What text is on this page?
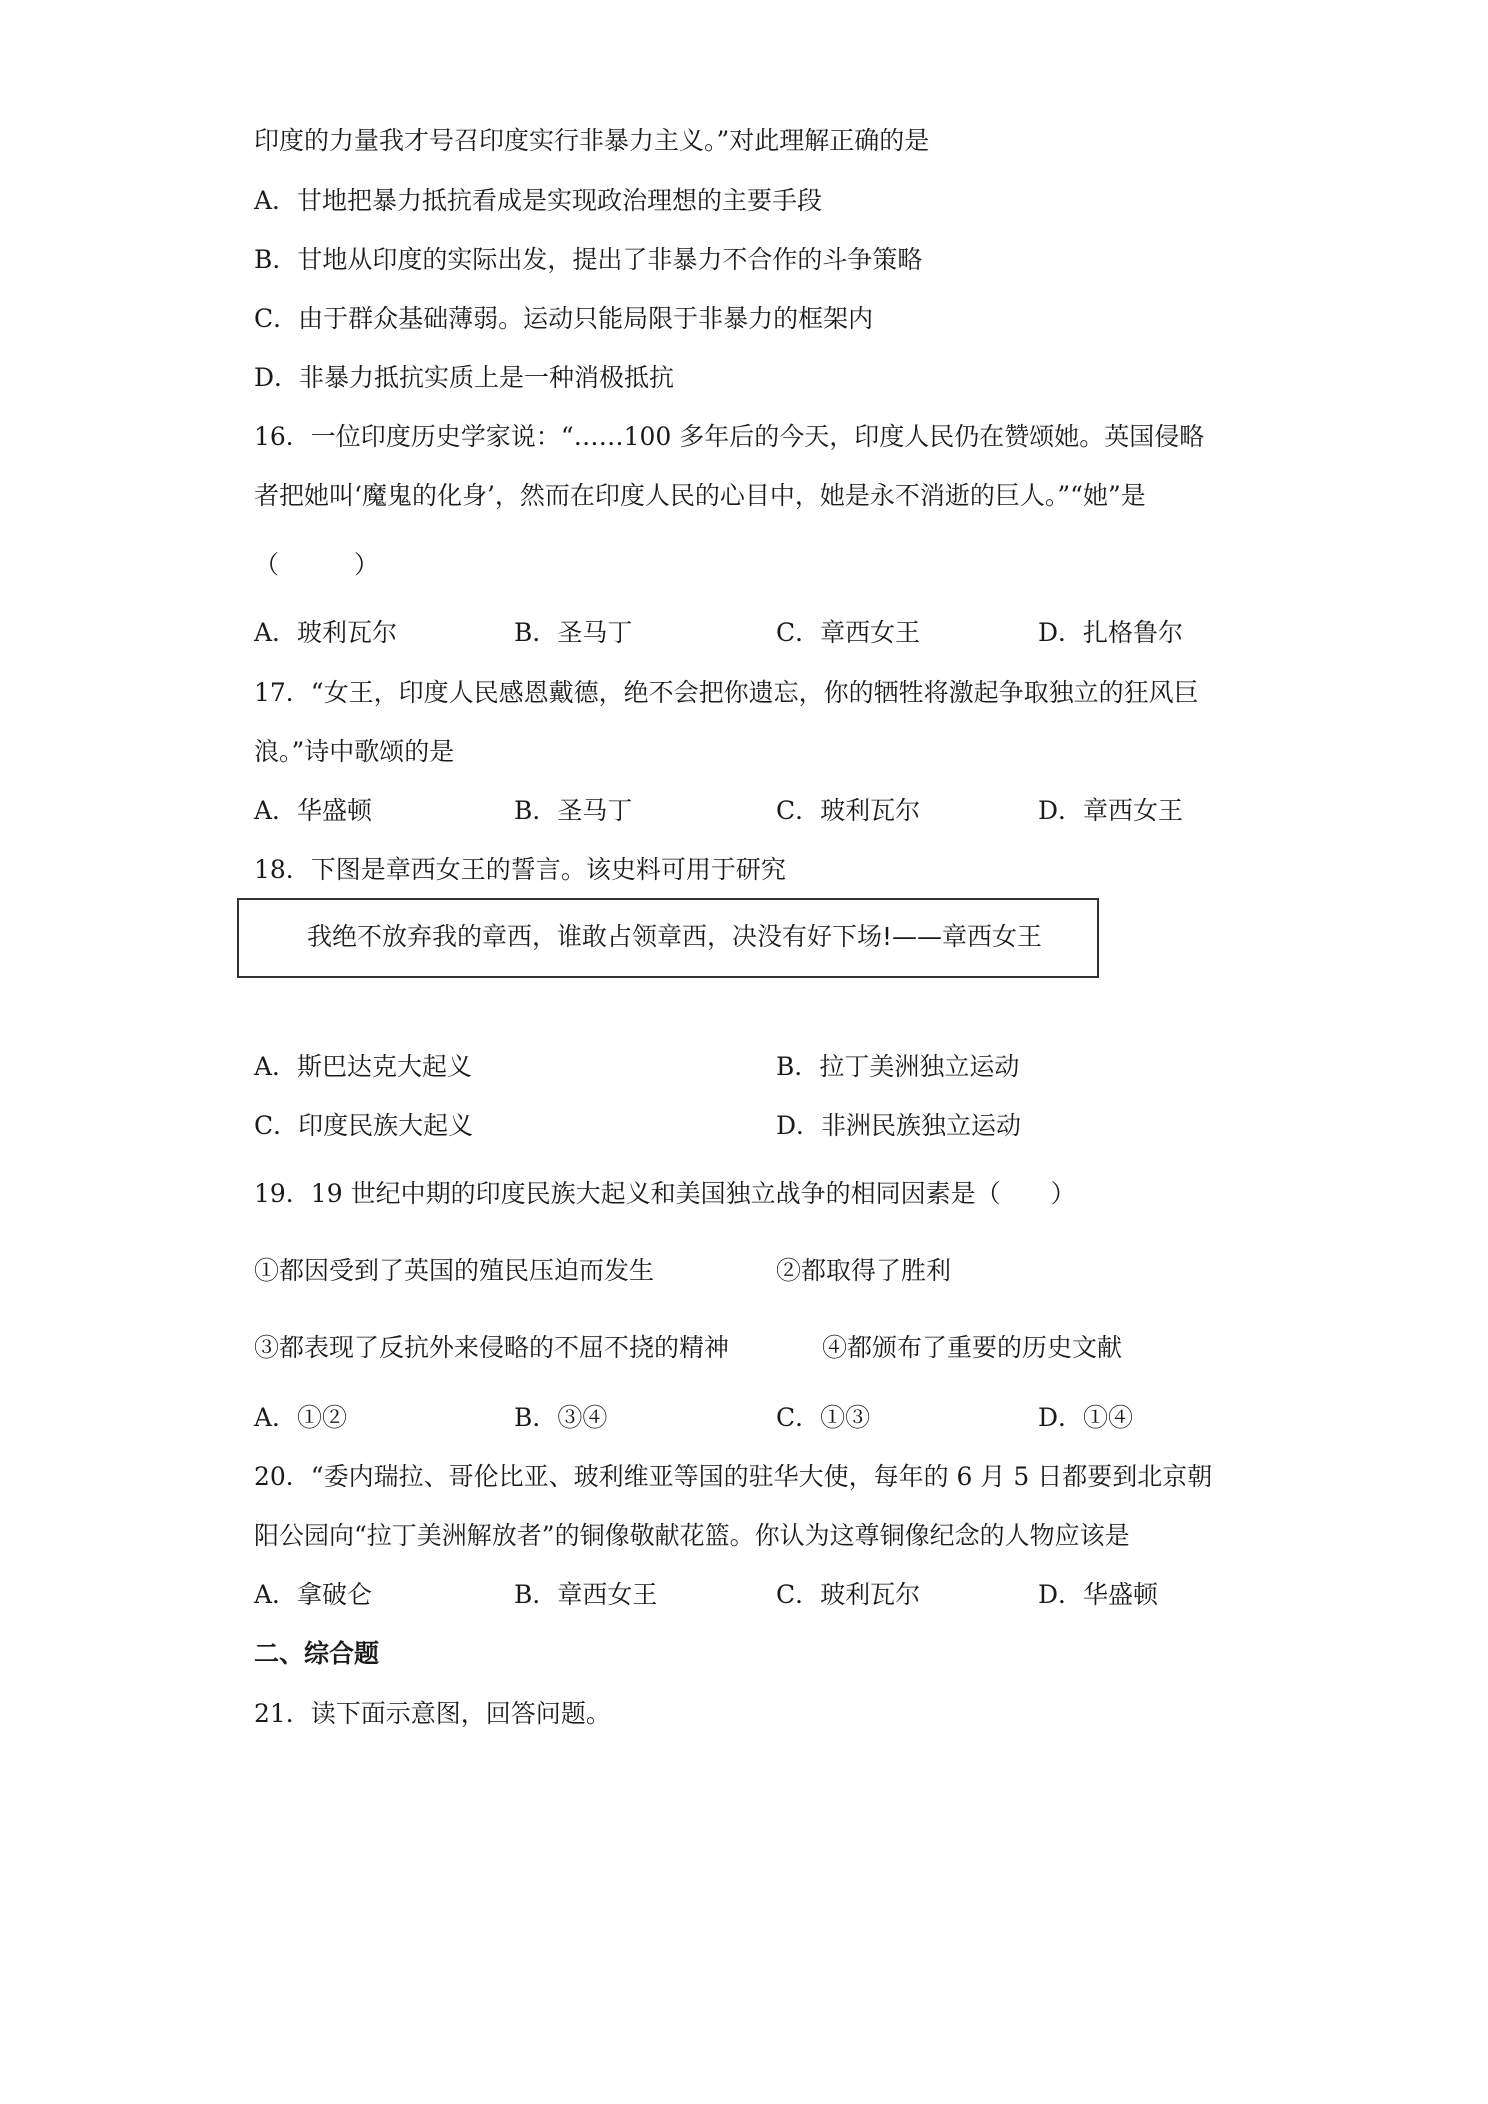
印度的力量我才号召印度实行非暴力主义。”对此理解正确的是
A．甘地把暴力抵抗看成是实现政治理想的主要手段
B．甘地从印度的实际出发，提出了非暴力不合作的斗争策略
C．由于群众基础薄弱。运动只能局限于非暴力的框架内
D．非暴力抵抗实质上是一种消极抵抗
16．一位印度历史学家说：“……100 多年后的今天，印度人民仍在赞颂她。英国侵略
者把她叫‘魔鬼的化身’，然而在印度人民的心目中，她是永不消逝的巨人。”“她”是
（　　　）
A．玻利瓦尔	B．圣马丁	C．章西女王	D．扎格鲁尔
17．“女王，印度人民感恩戴德，绝不会把你遗忘，你的牺牲将激起争取独立的狂风巨
浪。”诗中歌颂的是
A．华盛顿	B．圣马丁	C．玻利瓦尔	D．章西女王
18．下图是章西女王的誓言。该史料可用于研究
我绝不放弃我的章西，谁敢占领章西，决没有好下场!——章西女王
A．斯巴达克大起义	B．拉丁美洲独立运动
C．印度民族大起义	D．非洲民族独立运动
19．19 世纪中期的印度民族大起义和美国独立战争的相同因素是（　　）
①都因受到了英国的殖民压迫而发生	②都取得了胜利
③都表现了反抗外来侵略的不屈不挠的精神	④都颁布了重要的历史文献
A．①②	B．③④	C．①③	D．①④
20．“委内瑞拉、哥伦比亚、玻利维亚等国的驻华大使，每年的 6 月 5 日都要到北京朝
阳公园向“拉丁美洲解放者”的铜像敬献花篮。你认为这尊铜像纪念的人物应该是
A．拿破仑	B．章西女王	C．玻利瓦尔	D．华盛顿
二、综合题
21．读下面示意图，回答问题。
